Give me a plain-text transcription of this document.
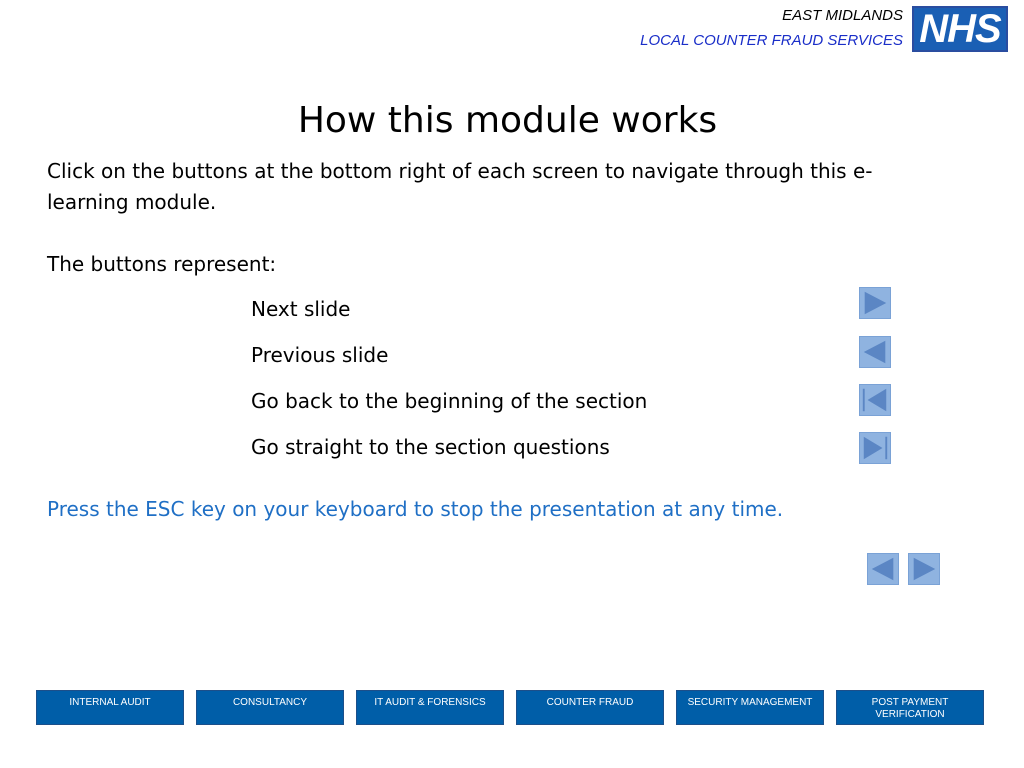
EAST MIDLANDS
LOCAL COUNTER FRAUD SERVICES NHS
How this module works
Click on the buttons at the bottom right of each screen to navigate through this e-learning module.
The buttons represent:
Next slide
Previous slide
Go back to the beginning of the section
Go straight to the section questions
Press the ESC key on your keyboard to stop the presentation at any time.
INTERNAL AUDIT	CONSULTANCY	IT AUDIT & FORENSICS	COUNTER FRAUD	SECURITY MANAGEMENT	POST PAYMENT VERIFICATION
